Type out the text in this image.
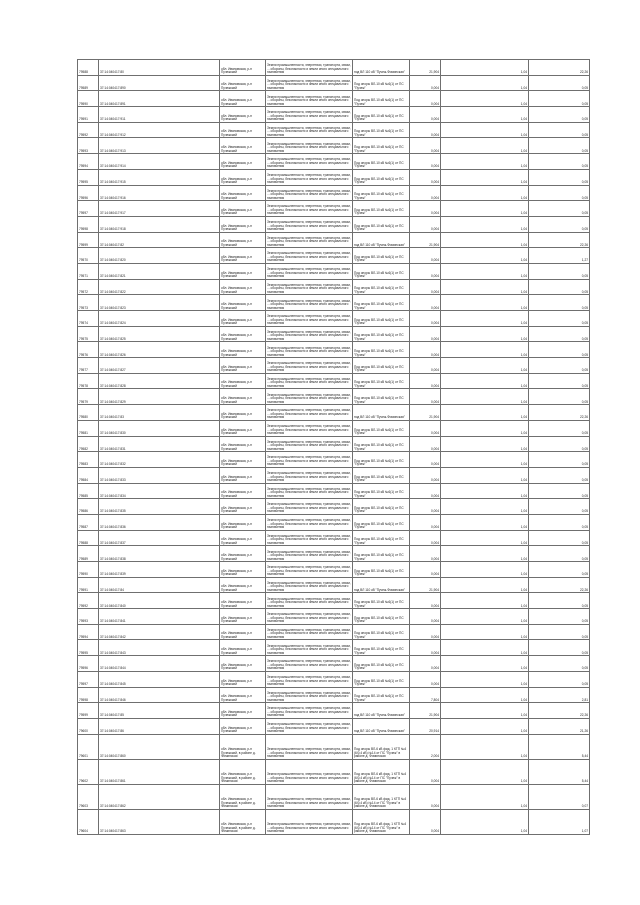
79588	37:14:040417:80	обл. Ивановская, р-н Пучежский	Земли промышленности, энергетики, транспорта, связи, ... обороны, безопасности и земли иного специального назначения	под ВЛ 110 кВ "Пучеж-Фоминская"	21,904	1,04	22,26
79589	37:14:040417:890	обл. Ивановская, р-н Пучежский	Земли промышленности, энергетики, транспорта, связи, ... обороны, безопасности и земли иного специального назначения	Под опоры ВЛ-10 кВ №6(1) от ПС "Пучеж"	0,004	1,04	0,05
79590	37:14:040417:891	обл. Ивановская, р-н Пучежский	Земли промышленности, энергетики, транспорта, связи, ... обороны, безопасности и земли иного специального назначения	Под опоры ВЛ-10 кВ №6(1) от ПС "Пучеж"	0,004	1,04	0,05
79591	37:14:040417:911	обл. Ивановская, р-н Пучежский	Земли промышленности, энергетики, транспорта, связи, ... обороны, безопасности и земли иного специального назначения	Под опоры ВЛ-10 кВ №6(1) от ПС "Пучеж"	0,004	1,04	0,05
79592	37:14:040417:912	обл. Ивановская, р-н Пучежский	Земли промышленности, энергетики, транспорта, связи, ... обороны, безопасности и земли иного специального назначения	Под опоры ВЛ-10 кВ №6(1) от ПС "Пучеж"	0,004	1,04	0,05
79593	37:14:040417:913	обл. Ивановская, р-н Пучежский	Земли промышленности, энергетики, транспорта, связи, ... обороны, безопасности и земли иного специального назначения	Под опоры ВЛ-10 кВ №6(1) от ПС "Пучеж"	0,004	1,04	0,05
79594	37:14:040417:914	обл. Ивановская, р-н Пучежский	Земли промышленности, энергетики, транспорта, связи, ... обороны, безопасности и земли иного специального назначения	Под опоры ВЛ-10 кВ №6(1) от ПС "Пучеж"	0,004	1,04	0,05
79595	37:14:040417:915	обл. Ивановская, р-н Пучежский	Земли промышленности, энергетики, транспорта, связи, ... обороны, безопасности и земли иного специального назначения	Под опоры ВЛ-10 кВ №6(1) от ПС "Пучеж"	0,004	1,04	0,05
79596	37:14:040417:916	обл. Ивановская, р-н Пучежский	Земли промышленности, энергетики, транспорта, связи, ... обороны, безопасности и земли иного специального назначения	Под опоры ВЛ-10 кВ №6(1) от ПС "Пучеж"	0,004	1,04	0,05
79597	37:14:040417:917	обл. Ивановская, р-н Пучежский	Земли промышленности, энергетики, транспорта, связи, ... обороны, безопасности и земли иного специального назначения	Под опоры ВЛ-10 кВ №6(1) от ПС "Пучеж"	0,004	1,04	0,05
79598	37:14:040417:918	обл. Ивановская, р-н Пучежский	Земли промышленности, энергетики, транспорта, связи, ... обороны, безопасности и земли иного специального назначения	Под опоры ВЛ-10 кВ №6(1) от ПС "Пучеж"	0,004	1,04	0,05
79599	37:14:040417:82	обл. Ивановская, р-н Пучежский	Земли промышленности, энергетики, транспорта, связи, ... обороны, безопасности и земли иного специального назначения	под ВЛ 110 кВ "Пучеж-Фоминская"	21,904	1,04	22,26
79570	37:14:040417:820	обл. Ивановская, р-н Пучежский	Земли промышленности, энергетики, транспорта, связи, ... обороны, безопасности и земли иного специального назначения	Под опоры ВЛ-10 кВ №6(1) от ПС "Пучеж"	0,004	1,04	1,27
79571	37:14:040417:821	обл. Ивановская, р-н Пучежский	Земли промышленности, энергетики, транспорта, связи, ... обороны, безопасности и земли иного специального назначения	Под опоры ВЛ-10 кВ №6(1) от ПС "Пучеж"	0,004	1,04	0,05
79572	37:14:040417:822	обл. Ивановская, р-н Пучежский	Земли промышленности, энергетики, транспорта, связи, ... обороны, безопасности и земли иного специального назначения	Под опоры ВЛ-10 кВ №6(1) от ПС "Пучеж"	0,004	1,04	0,05
79573	37:14:040417:823	обл. Ивановская, р-н Пучежский	Земли промышленности, энергетики, транспорта, связи, ... обороны, безопасности и земли иного специального назначения	Под опоры ВЛ-10 кВ №6(1) от ПС "Пучеж"	0,004	1,04	0,05
79574	37:14:040417:824	обл. Ивановская, р-н Пучежский	Земли промышленности, энергетики, транспорта, связи, ... обороны, безопасности и земли иного специального назначения	Под опоры ВЛ-10 кВ №6(1) от ПС "Пучеж"	0,004	1,04	0,05
79575	37:14:040417:825	обл. Ивановская, р-н Пучежский	Земли промышленности, энергетики, транспорта, связи, ... обороны, безопасности и земли иного специального назначения	Под опоры ВЛ-10 кВ №6(1) от ПС "Пучеж"	0,004	1,04	0,05
79576	37:14:040417:826	обл. Ивановская, р-н Пучежский	Земли промышленности, энергетики, транспорта, связи, ... обороны, безопасности и земли иного специального назначения	Под опоры ВЛ-10 кВ №6(1) от ПС "Пучеж"	0,004	1,04	0,05
79577	37:14:040417:827	обл. Ивановская, р-н Пучежский	Земли промышленности, энергетики, транспорта, связи, ... обороны, безопасности и земли иного специального назначения	Под опоры ВЛ-10 кВ №6(1) от ПС "Пучеж"	0,004	1,04	0,05
79578	37:14:040417:828	обл. Ивановская, р-н Пучежский	Земли промышленности, энергетики, транспорта, связи, ... обороны, безопасности и земли иного специального назначения	Под опоры ВЛ-10 кВ №6(1) от ПС "Пучеж"	0,004	1,04	0,05
79579	37:14:040417:829	обл. Ивановская, р-н Пучежский	Земли промышленности, энергетики, транспорта, связи, ... обороны, безопасности и земли иного специального назначения	Под опоры ВЛ-10 кВ №6(1) от ПС "Пучеж"	0,004	1,04	0,05
79580	37:14:040417:83	обл. Ивановская, р-н Пучежский	Земли промышленности, энергетики, транспорта, связи, ... обороны, безопасности и земли иного специального назначения	под ВЛ 110 кВ "Пучеж-Фоминская"	21,904	1,04	22,26
79581	37:14:040417:830	обл. Ивановская, р-н Пучежский	Земли промышленности, энергетики, транспорта, связи, ... обороны, безопасности и земли иного специального назначения	Под опоры ВЛ-10 кВ №6(1) от ПС "Пучеж"	0,004	1,04	0,05
79582	37:14:040417:831	обл. Ивановская, р-н Пучежский	Земли промышленности, энергетики, транспорта, связи, ... обороны, безопасности и земли иного специального назначения	Под опоры ВЛ-10 кВ №6(1) от ПС "Пучеж"	0,004	1,04	0,05
79583	37:14:040417:832	обл. Ивановская, р-н Пучежский	Земли промышленности, энергетики, транспорта, связи, ... обороны, безопасности и земли иного специального назначения	Под опоры ВЛ-10 кВ №6(1) от ПС "Пучеж"	0,004	1,04	0,05
79584	37:14:040417:833	обл. Ивановская, р-н Пучежский	Земли промышленности, энергетики, транспорта, связи, ... обороны, безопасности и земли иного специального назначения	Под опоры ВЛ-10 кВ №6(1) от ПС "Пучеж"	0,004	1,04	0,05
79585	37:14:040417:834	обл. Ивановская, р-н Пучежский	Земли промышленности, энергетики, транспорта, связи, ... обороны, безопасности и земли иного специального назначения	Под опоры ВЛ-10 кВ №6(1) от ПС "Пучеж"	0,004	1,04	0,05
79586	37:14:040417:835	обл. Ивановская, р-н Пучежский	Земли промышленности, энергетики, транспорта, связи, ... обороны, безопасности и земли иного специального назначения	Под опоры ВЛ-10 кВ №6(1) от ПС "Пучеж"	0,004	1,04	0,05
79587	37:14:040417:836	обл. Ивановская, р-н Пучежский	Земли промышленности, энергетики, транспорта, связи, ... обороны, безопасности и земли иного специального назначения	Под опоры ВЛ-10 кВ №6(1) от ПС "Пучеж"	0,004	1,04	0,05
79588	37:14:040417:837	обл. Ивановская, р-н Пучежский	Земли промышленности, энергетики, транспорта, связи, ... обороны, безопасности и земли иного специального назначения	Под опоры ВЛ-10 кВ №6(1) от ПС "Пучеж"	0,004	1,04	0,05
79589	37:14:040417:838	обл. Ивановская, р-н Пучежский	Земли промышленности, энергетики, транспорта, связи, ... обороны, безопасности и земли иного специального назначения	Под опоры ВЛ-10 кВ №6(1) от ПС "Пучеж"	0,004	1,04	0,05
79590	37:14:040417:839	обл. Ивановская, р-н Пучежский	Земли промышленности, энергетики, транспорта, связи, ... обороны, безопасности и земли иного специального назначения	Под опоры ВЛ-10 кВ №6(1) от ПС "Пучеж"	0,004	1,04	0,05
79591	37:14:040417:84	обл. Ивановская, р-н Пучежский	Земли промышленности, энергетики, транспорта, связи, ... обороны, безопасности и земли иного специального назначения	под ВЛ 110 кВ "Пучеж-Фоминская"	21,904	1,04	22,26
79592	37:14:040417:840	обл. Ивановская, р-н Пучежский	Земли промышленности, энергетики, транспорта, связи, ... обороны, безопасности и земли иного специального назначения	Под опоры ВЛ-10 кВ №6(1) от ПС "Пучеж"	0,004	1,04	0,05
79593	37:14:040417:841	обл. Ивановская, р-н Пучежский	Земли промышленности, энергетики, транспорта, связи, ... обороны, безопасности и земли иного специального назначения	Под опоры ВЛ-10 кВ №6(1) от ПС "Пучеж"	0,004	1,04	0,05
79594	37:14:040417:842	обл. Ивановская, р-н Пучежский	Земли промышленности, энергетики, транспорта, связи, ... обороны, безопасности и земли иного специального назначения	Под опоры ВЛ-10 кВ №6(1) от ПС "Пучеж"	0,004	1,04	0,05
79595	37:14:040417:843	обл. Ивановская, р-н Пучежский	Земли промышленности, энергетики, транспорта, связи, ... обороны, безопасности и земли иного специального назначения	Под опоры ВЛ-10 кВ №6(1) от ПС "Пучеж"	0,004	1,04	0,05
79596	37:14:040417:844	обл. Ивановская, р-н Пучежский	Земли промышленности, энергетики, транспорта, связи, ... обороны, безопасности и земли иного специального назначения	Под опоры ВЛ-10 кВ №6(1) от ПС "Пучеж"	0,004	1,04	0,05
79597	37:14:040417:845	обл. Ивановская, р-н Пучежский	Земли промышленности, энергетики, транспорта, связи, ... обороны, безопасности и земли иного специального назначения	Под опоры ВЛ-10 кВ №6(1) от ПС "Пучеж"	0,004	1,04	0,05
79598	37:14:040417:846	обл. Ивановская, р-н Пучежский	Земли промышленности, энергетики, транспорта, связи, ... обороны, безопасности и земли иного специального назначения	Под опоры ВЛ-10 кВ №6(1) от ПС "Пучеж"	7,804	1,04	2,81
79599	37:14:040417:85	обл. Ивановская, р-н Пучежский	Земли промышленности, энергетики, транспорта, связи, ... обороны, безопасности и земли иного специального назначения	под ВЛ 110 кВ "Пучеж-Фоминская"	21,904	1,04	22,26
79600	37:14:040417:86	обл. Ивановская, р-н Пучежский	Земли промышленности, энергетики, транспорта, связи, ... обороны, безопасности и земли иного специального назначения	под ВЛ 110 кВ "Пучеж-Фоминская"	20,914	1,04	21,26
79601	37:14:040417:860	обл. Ивановская, р-н Пучежский, в районе д. Фоминская	Земли промышленности, энергетики, транспорта, связи, ... обороны, безопасности и земли иного специального назначения	Под опоры ВЛ-6 кВ фид. 1 КТП №4 (6/0,4 кВ) №14 от ПС "Пучеж" в районе д. Фоминская	2,004	1,04	5,44
79602	37:14:040417:861	обл. Ивановская, р-н Пучежский, в районе д. Фоминская	Земли промышленности, энергетики, транспорта, связи, ... обороны, безопасности и земли иного специального назначения	Под опоры ВЛ-6 кВ фид. 1 КТП №4 (6/0,4 кВ) №14 от ПС "Пучеж" в районе д. Фоминская	0,004	1,04	5,44
79603	37:14:040417:862	обл. Ивановская, р-н Пучежский, в районе д. Фоминская	Земли промышленности, энергетики, транспорта, связи, ... обороны, безопасности и земли иного специального назначения	Под опоры ВЛ-6 кВ фид. 1 КТП №4 (6/0,4 кВ) №14 от ПС "Пучеж" в районе д. Фоминская	0,004	1,04	0,07
79604	37:14:040417:863	обл. Ивановская, р-н Пучежский, в районе д. Фоминская	Земли промышленности, энергетики, транспорта, связи, ... обороны, безопасности и земли иного специального назначения	Под опоры ВЛ-6 кВ фид. 1 КТП №4 (6/0,4 кВ) №14 от ПС "Пучеж" в районе д. Фоминская	0,004	1,04	1,07
